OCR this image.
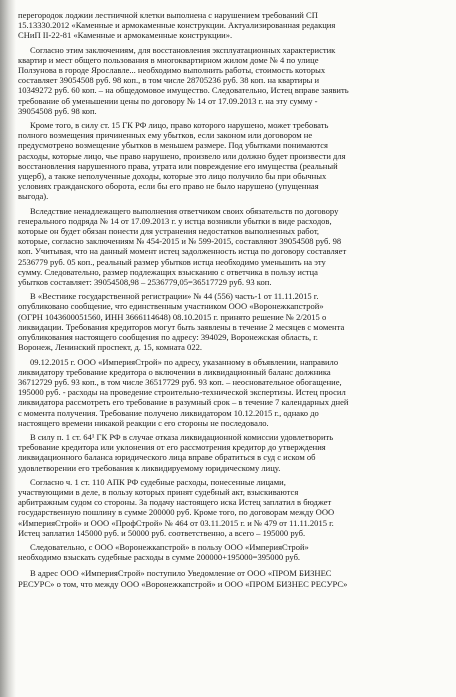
перегородок лоджии лестничной клетки выполнена с нарушением требований СП
15.13330.2012 «Каменные и армокаменные конструкции. Актуализированная редакция
СНиП II-22-81 «Каменные и армокаменные конструкции».

Согласно этим заключениям, для восстановления эксплуатационных характеристик
квартир и мест общего пользования в многоквартирном жилом доме № 4 по улице
Ползунова в городе Ярославле... необходимо выполнить работы, стоимость которых
составляет 39054508 руб. 98 коп., в том числе 28705236 руб. 38 коп. на квартиры и
10349272 руб. 60 коп. – на общедомовое имущество. Следовательно, Истец вправе заявить
требование об уменьшении цены по договору № 14 от 17.09.2013 г. на эту сумму -
39054508 руб. 98 коп.

Кроме того, в силу ст. 15 ГК РФ лицо, право которого нарушено, может требовать
полного возмещения причиненных ему убытков, если законом или договором не
предусмотрено возмещение убытков в меньшем размере. Под убытками понимаются
расходы, которые лицо, чье право нарушено, произвело или должно будет произвести для
восстановления нарушенного права, утрата или повреждение его имущества (реальный
ущерб), а также неполученные доходы, которые это лицо получило бы при обычных
условиях гражданского оборота, если бы его право не было нарушено (упущенная
выгода).

Вследствие ненадлежащего выполнения ответчиком своих обязательств по договору
генерального подряда № 14 от 17.09.2013 г. у истца возникли убытки в виде расходов,
которые он будет обязан понести для устранения недостатков выполненных работ,
которые, согласно заключениям № 454-2015 и № 599-2015, составляют 39054508 руб. 98
коп. Учитывая, что на данный момент истец задолженность истца по договору составляет
2536779 руб. 05 коп., реальный размер убытков истца необходимо уменьшить на эту
сумму. Следовательно, размер подлежащих взысканию с ответчика в пользу истца
убытков составляет: 39054508,98 – 2536779,05=36517729 руб. 93 коп.

В «Вестнике государственной регистрации» № 44 (556) часть-1 от 11.11.2015 г.
опубликовано сообщение, что единственным участником ООО «Воронежкапстрой»
(ОГРН 1043600051560, ИНН 3666114648) 08.10.2015 г. принято решение № 2/2015 о
ликвидации. Требования кредиторов могут быть заявлены в течение 2 месяцев с момента
опубликования настоящего сообщения по адресу: 394029, Воронежская область, г.
Воронеж, Ленинский проспект, д. 15, комната 022.

09.12.2015 г. ООО «ИмперияСтрой» по адресу, указанному в объявлении, направило
ликвидатору требование кредитора о включении в ликвидационный баланс должника
36712729 руб. 93 коп., в том числе 36517729 руб. 93 коп. – неосновательное обогащение,
195000 руб. - расходы на проведение строительно-технической экспертизы. Истец просил
ликвидатора рассмотреть его требование в разумный срок – в течение 7 календарных дней
с момента получения. Требование получено ликвидатором 10.12.2015 г., однако до
настоящего времени никакой реакции с его стороны не последовало.

В силу п. 1 ст. 64¹ ГК РФ в случае отказа ликвидационной комиссии удовлетворить
требование кредитора или уклонения от его рассмотрения кредитор до утверждения
ликвидационного баланса юридического лица вправе обратиться в суд с иском об
удовлетворении его требования к ликвидируемому юридическому лицу.

Согласно ч. 1 ст. 110 АПК РФ судебные расходы, понесенные лицами,
участвующими в деле, в пользу которых принят судебный акт, взыскиваются
арбитражным судом со стороны. За подачу настоящего иска Истец заплатил в бюджет
государственную пошлину в сумме 200000 руб. Кроме того, по договорам между ООО
«ИмперияСтрой» и ООО «ПрофСтрой» № 464 от 03.11.2015 г. и № 479 от 11.11.2015 г.
Истец заплатил 145000 руб. и 50000 руб. соответственно, а всего – 195000 руб.

Следовательно, с ООО «Воронежкапстрой» в пользу ООО «ИмперияСтрой»
необходимо взыскать судебные расходы в сумме 200000+195000=395000 руб.

В адрес ООО «ИмперияСтрой» поступило Уведомление от ООО «ПРОМ БИЗНЕС
РЕСУРС» о том, что между ООО «Воронежкапстрой» и ООО «ПРОМ БИЗНЕС РЕСУРС»
